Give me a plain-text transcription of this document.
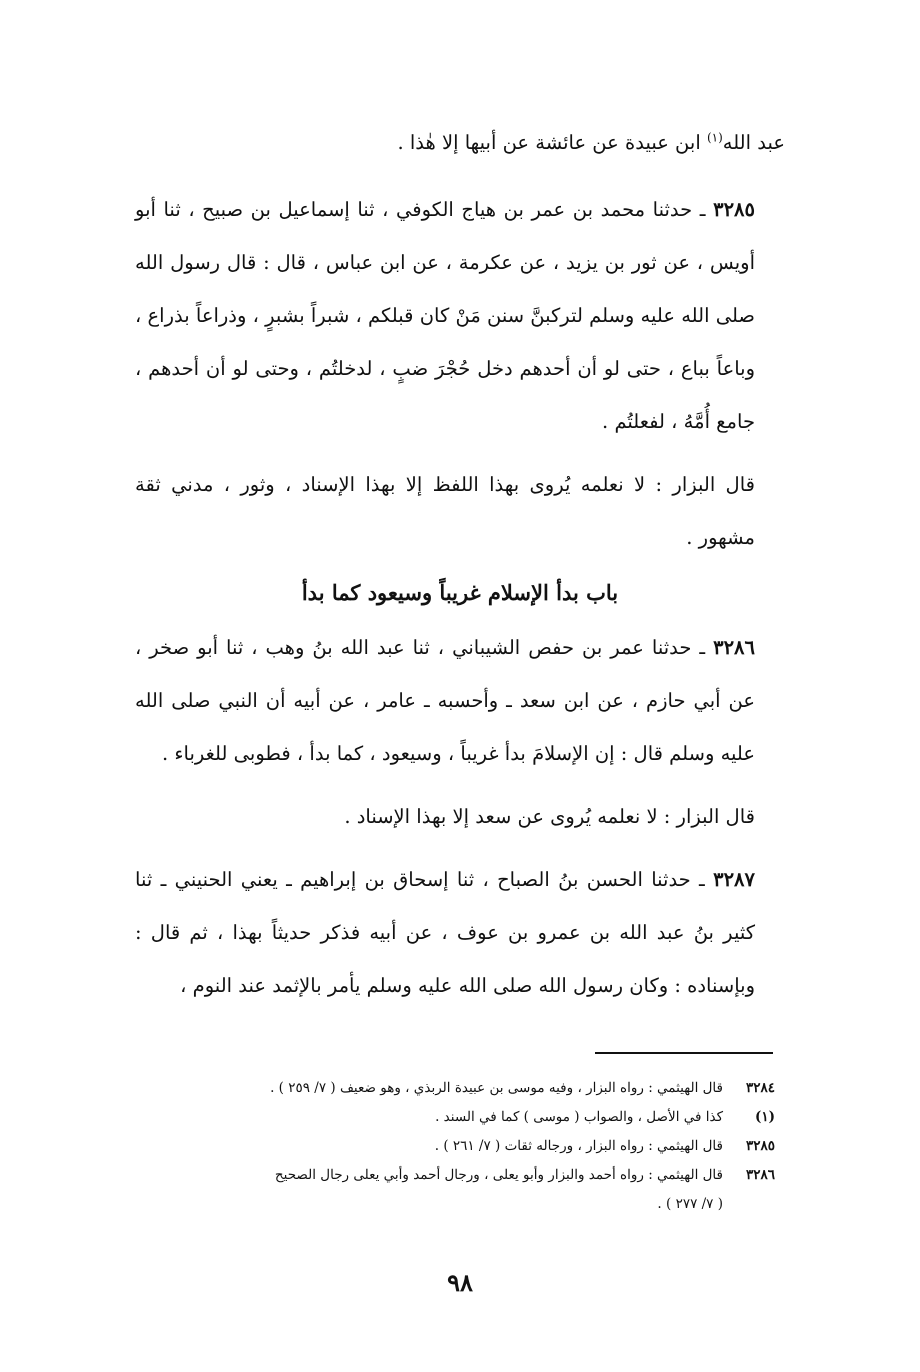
عبد الله$^{(١)}$ ابن عبيدة عن عائشة عن أبيها إلا هٰذا .

٣٢٨٥ ـ حدثنا محمد بن عمر بن هياج الكوفي ، ثنا إسماعيل بن صبيح ، ثنا أبو أويس ، عن ثور بن يزيد ، عن عكرمة ، عن ابن عباس ، قال : قال رسول الله صلى الله عليه وسلم لتركبنَّ سنن مَنْ كان قبلكم ، شبراً بشبرٍ ، وذراعاً بذراع ، وباعاً بباع ، حتى لو أن أحدهم دخل حُجْرَ ضبٍ ، لدخلتُم ، وحتى لو أن أحدهم ، جامع أُمَّهُ ، لفعلتُم .

قال البزار : لا نعلمه يُروى بهذا اللفظ إلا بهذا الإسناد ، وثور ، مدني ثقة مشهور .

باب بدأ الإسلام غريباً وسيعود كما بدأ

٣٢٨٦ ـ حدثنا عمر بن حفص الشيباني ، ثنا عبد الله بنُ وهب ، ثنا أبو صخر ، عن أبي حازم ، عن ابن سعد ـ وأحسبه ـ عامر ، عن أبيه أن النبي صلى الله عليه وسلم قال : إن الإسلامَ بدأ غريباً ، وسيعود ، كما بدأ ، فطوبى للغرباء .

قال البزار : لا نعلمه يُروى عن سعد إلا بهذا الإسناد .

٣٢٨٧ ـ حدثنا الحسن بنُ الصباح ، ثنا إسحاق بن إبراهيم ـ يعني الحنيني ـ ثنا كثير بنُ عبد الله بن عمرو بن عوف ، عن أبيه فذكر حديثاً بهذا ، ثم قال : وبإسناده : وكان رسول الله صلى الله عليه وسلم يأمر بالإثمد عند النوم ،

٣٢٨٤
قال الهيثمي : رواه البزار ، وفيه موسى بن عبيدة الربذي ، وهو ضعيف ( ٧/ ٢٥٩ ) .
(١)
كذا في الأصل ، والصواب ( موسى ) كما في السند .
٣٢٨٥
قال الهيثمي : رواه البزار ، ورجاله ثقات ( ٧/ ٢٦١ ) .
٣٢٨٦
قال الهيثمي : رواه أحمد والبزار وأبو يعلى ، ورجال أحمد وأبي يعلى رجال الصحيح
( ٧/ ٢٧٧ ) .
٩٨
